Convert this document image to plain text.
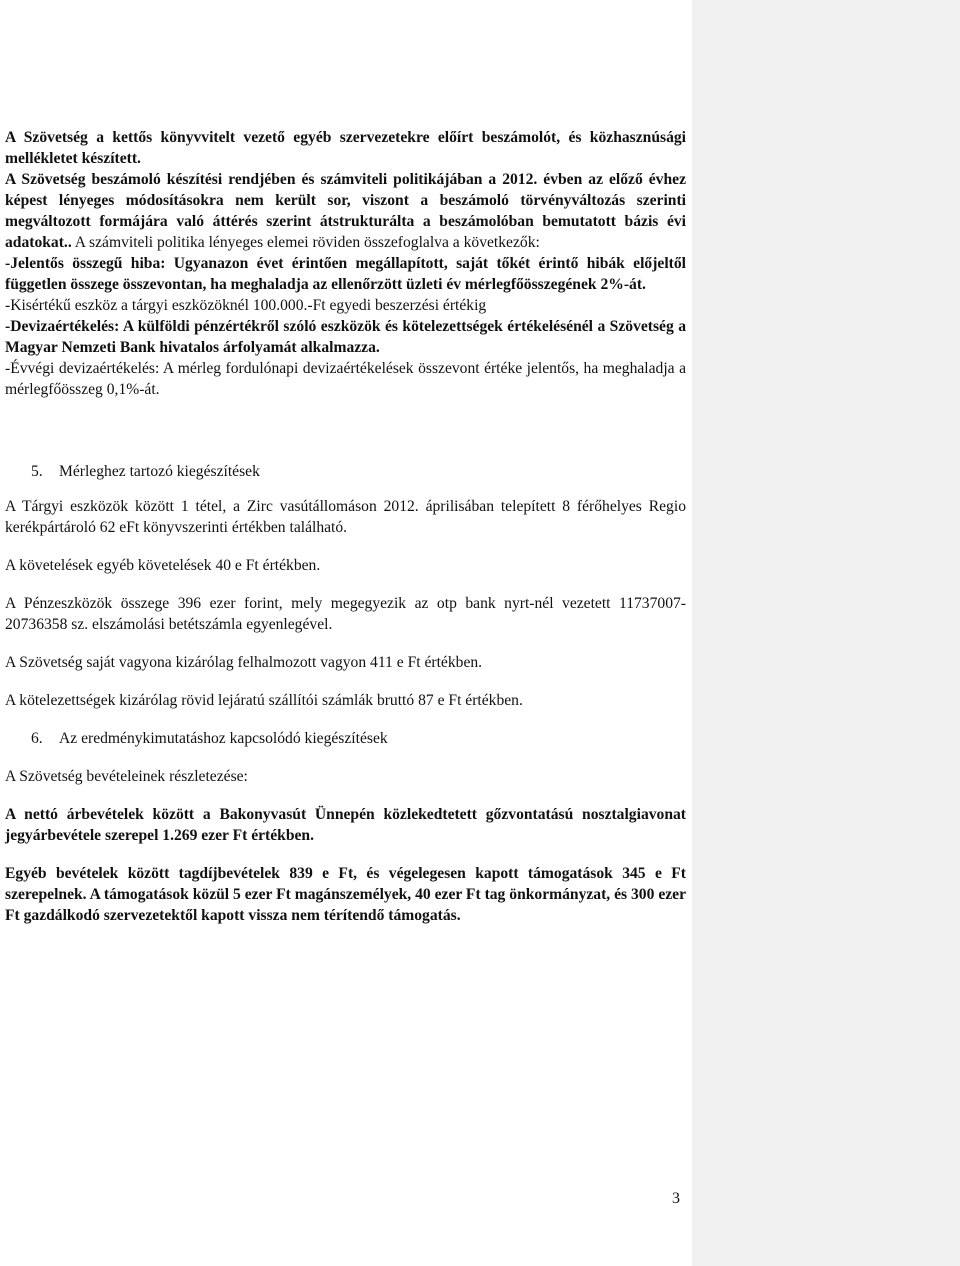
A Szövetség a kettős könyvvitelt vezető egyéb szervezetekre előírt beszámolót, és közhasznúsági mellékletet készített.

A Szövetség beszámoló készítési rendjében és számviteli politikájában a 2012. évben az előző évhez képest lényeges módosításokra nem került sor, viszont a beszámoló törvényváltozás szerinti megváltozott formájára való áttérés szerint átstrukturálta a beszámolóban bemutatott bázis évi adatokat.. A számviteli politika lényeges elemei röviden összefoglalva a következők:

-Jelentős összegű hiba: Ugyanazon évet érintően megállapított, saját tőkét érintő hibák előjeltől független összege összevontan, ha meghaladja az ellenőrzött üzleti év mérlegfőösszegének 2%-át.

-Kisértékű eszköz a tárgyi eszközöknél 100.000.-Ft egyedi beszerzési értékig

-Devizaértékelés: A külföldi pénzértékről szóló eszközök és kötelezettségek értékelésénél a Szövetség a Magyar Nemzeti Bank hivatalos árfolyamát alkalmazza.

-Évvégi devizaértékelés: A mérleg fordulónapi devizaértékelések összevont értéke jelentős, ha meghaladja a mérlegfőösszeg 0,1%-át.

5. Mérleghez tartozó kiegészítések

A Tárgyi eszközök között 1 tétel, a Zirc vasútállomáson 2012. áprilisában telepített 8 férőhelyes Regio kerékpártároló 62 eFt könyvszerinti értékben található.

A követelések egyéb követelések 40 e Ft értékben.

A Pénzeszközök összege 396 ezer forint, mely megegyezik az otp bank nyrt-nél vezetett 11737007-20736358 sz. elszámolási betétszámla egyenlegével.

A Szövetség saját vagyona kizárólag felhalmozott vagyon 411 e Ft értékben.

A kötelezettségek kizárólag rövid lejáratú szállítói számlák bruttó 87 e Ft értékben.

6. Az eredménykimutatáshoz kapcsolódó kiegészítések

A Szövetség bevételeinek részletezése:

A nettó árbevételek között a Bakonyvasút Ünnepén közlekedtetett gőzvontatású nosztalgiavonat jegyárbevétele szerepel 1.269 ezer Ft értékben.

Egyéb bevételek között tagdíjbevételek 839 e Ft, és végelegesen kapott támogatások 345 e Ft szerepelnek. A támogatások közül 5 ezer Ft magánszemélyek, 40 ezer Ft tag önkormányzat, és 300 ezer Ft gazdálkodó szervezetektől kapott vissza nem térítendő támogatás.

3
